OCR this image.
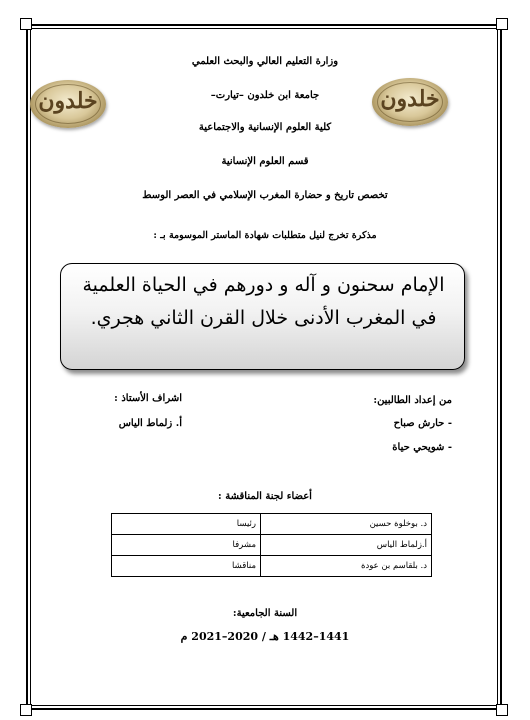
خلدون	خلدون
وزارة التعليم العالي والبحث العلمي
جامعة ابن خلدون –تيارت–
كلية العلوم الإنسانية والاجتماعية
قسم العلوم الإنسانية
تخصص تاريخ و حضارة المغرب الإسلامي في العصر الوسط
مذكرة تخرج لنيل متطلبات شهادة الماستر الموسومة بـ :
الإمام سحنون و آله و دورهم في الحياة العلمية
في المغرب الأدنى خلال القرن الثاني هجري.
من إعداد الطالبين:
- حارش صباح
- شويحي حياة
اشراف الأستاذ :
أ. زلماط الياس
أعضاء لجنة المناقشة :
د. بوخلوة حسين	رئيسا
أ.زلماط الياس	مشرفا
د. بلقاسم بن عودة	مناقشا
السنة الجامعية:
1441–1442 هـ / 2020–2021 م
